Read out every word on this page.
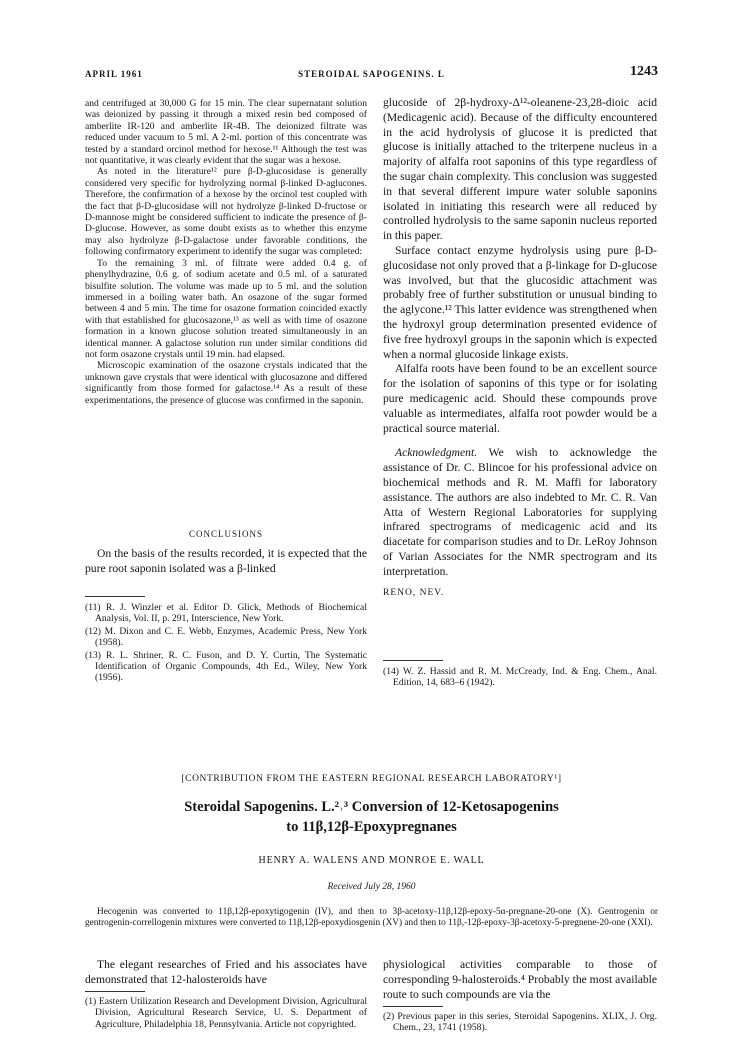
APRIL 1961	STEROIDAL SAPOGENINS. L	1243

and centrifuged at 30,000 G for 15 min. The clear supernatant solution was deionized by passing it through a mixed resin bed composed of amberlite IR-120 and amberlite IR-4B. The deionized filtrate was reduced under vacuum to 5 ml. A 2-ml. portion of this concentrate was tested by a standard orcinol method for hexose.¹¹ Although the test was not quantitative, it was clearly evident that the sugar was a hexose.

As noted in the literature¹² pure β-D-glucosidase is generally considered very specific for hydrolyzing normal β-linked D-aglucones. Therefore, the confirmation of a hexose by the orcinol test coupled with the fact that β-D-glucosidase will not hydrolyze β-linked D-fructose or D-mannose might be considered sufficient to indicate the presence of β-D-glucose. However, as some doubt exists as to whether this enzyme may also hydrolyze β-D-galactose under favorable conditions, the following confirmatory experiment to identify the sugar was completed:

To the remaining 3 ml. of filtrate were added 0.4 g. of phenylhydrazine, 0.6 g. of sodium acetate and 0.5 ml. of a saturated bisulfite solution. The volume was made up to 5 ml. and the solution immersed in a boiling water bath. An osazone of the sugar formed between 4 and 5 min. The time for osazone formation coincided exactly with that established for glucosazone,¹³ as well as with time of osazone formation in a known glucose solution treated simultaneously in an identical manner. A galactose solution run under similar conditions did not form osazone crystals until 19 min. had elapsed.

Microscopic examination of the osazone crystals indicated that the unknown gave crystals that were identical with glucosazone and differed significantly from those formed for galactose.¹⁴ As a result of these experimentations, the presence of glucose was confirmed in the saponin.

CONCLUSIONS

On the basis of the results recorded, it is expected that the pure root saponin isolated was a β-linked

(11) R. J. Winzler et al. Editor D. Glick, Methods of Biochemical Analysis, Vol. II, p. 291, Interscience, New York.

(12) M. Dixon and C. E. Webb, Enzymes, Academic Press, New York (1958).

(13) R. L. Shriner, R. C. Fuson, and D. Y. Curtin, The Systematic Identification of Organic Compounds, 4th Ed., Wiley, New York (1956).

glucoside of 2β-hydroxy-Δ¹²-oleanene-23,28-dioic acid (Medicagenic acid). Because of the difficulty encountered in the acid hydrolysis of glucose it is predicted that glucose is initially attached to the triterpene nucleus in a majority of alfalfa root saponins of this type regardless of the sugar chain complexity. This conclusion was suggested in that several different impure water soluble saponins isolated in initiating this research were all reduced by controlled hydrolysis to the same saponin nucleus reported in this paper.

Surface contact enzyme hydrolysis using pure β-D-glucosidase not only proved that a β-linkage for D-glucose was involved, but that the glucosidic attachment was probably free of further substitution or unusual binding to the aglycone.¹² This latter evidence was strengthened when the hydroxyl group determination presented evidence of five free hydroxyl groups in the saponin which is expected when a normal glucoside linkage exists.

Alfalfa roots have been found to be an excellent source for the isolation of saponins of this type or for isolating pure medicagenic acid. Should these compounds prove valuable as intermediates, alfalfa root powder would be a practical source material.

Acknowledgment. We wish to acknowledge the assistance of Dr. C. Blincoe for his professional advice on biochemical methods and R. M. Maffi for laboratory assistance. The authors are also indebted to Mr. C. R. Van Atta of Western Regional Laboratories for supplying infrared spectrograms of medicagenic acid and its diacetate for comparison studies and to Dr. LeRoy Johnson of Varian Associates for the NMR spectrogram and its interpretation.

RENO, NEV.

(14) W. Z. Hassid and R. M. McCready, Ind. & Eng. Chem., Anal. Edition, 14, 683–6 (1942).

[CONTRIBUTION FROM THE EASTERN REGIONAL RESEARCH LABORATORY¹]
Steroidal Sapogenins. L.²˒³ Conversion of 12-Ketosapogenins
to 11β,12β-Epoxypregnanes
HENRY A. WALENS AND MONROE E. WALL
Received July 28, 1960
Hecogenin was converted to 11β,12β-epoxytigogenin (IV), and then to 3β-acetoxy-11β,12β-epoxy-5α-pregnane-20-one (X). Gentrogenin or gentrogenin-correllogenin mixtures were converted to 11β,12β-epoxydiosgenin (XV) and then to 11β,-12β-epoxy-3β-acetoxy-5-pregnene-20-one (XXI).

The elegant researches of Fried and his associates have demonstrated that 12-halosteroids have

(1) Eastern Utilization Research and Development Division, Agricultural Division, Agricultural Research Service, U. S. Department of Agriculture, Philadelphia 18, Pennsylvania. Article not copyrighted.

physiological activities comparable to those of corresponding 9-halosteroids.⁴ Probably the most available route to such compounds are via the

(2) Previous paper in this series, Steroidal Sapogenins. XLIX, J. Org. Chem., 23, 1741 (1958).
